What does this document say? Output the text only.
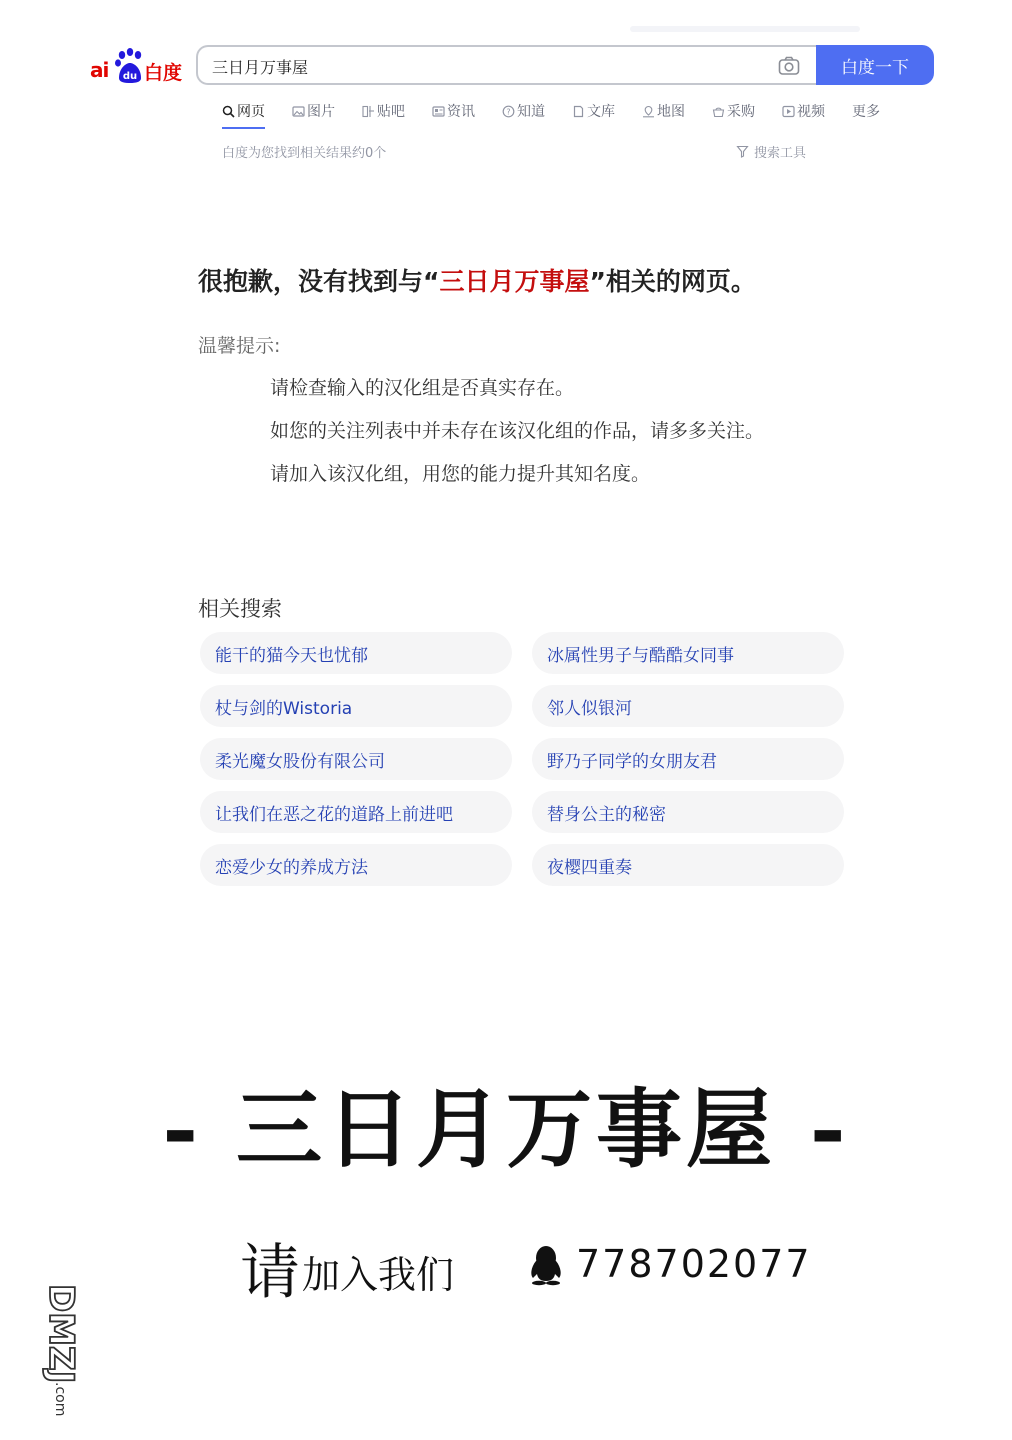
ai du 白度
三日月万事屋	白度一下
网页	图片	贴吧	资讯	? 知道	文库	地图	采购	视频 更多
白度为您找到相关结果约0个	搜索工具
很抱歉，没有找到与“三日月万事屋”相关的网页。
温馨提示:
请检查输入的汉化组是否真实存在。
如您的关注列表中并未存在该汉化组的作品，请多多关注。
请加入该汉化组，用您的能力提升其知名度。
相关搜索
能干的猫今天也忧郁	冰属性男子与酷酷女同事
杖与剑的Wistoria	邻人似银河
柔光魔女股份有限公司	野乃子同学的女朋友君
让我们在恶之花的道路上前进吧	替身公主的秘密
恋爱少女的养成方法	夜樱四重奏
- 三日月万事屋 -
请 加入我们	778702077
DMZJ
.com
